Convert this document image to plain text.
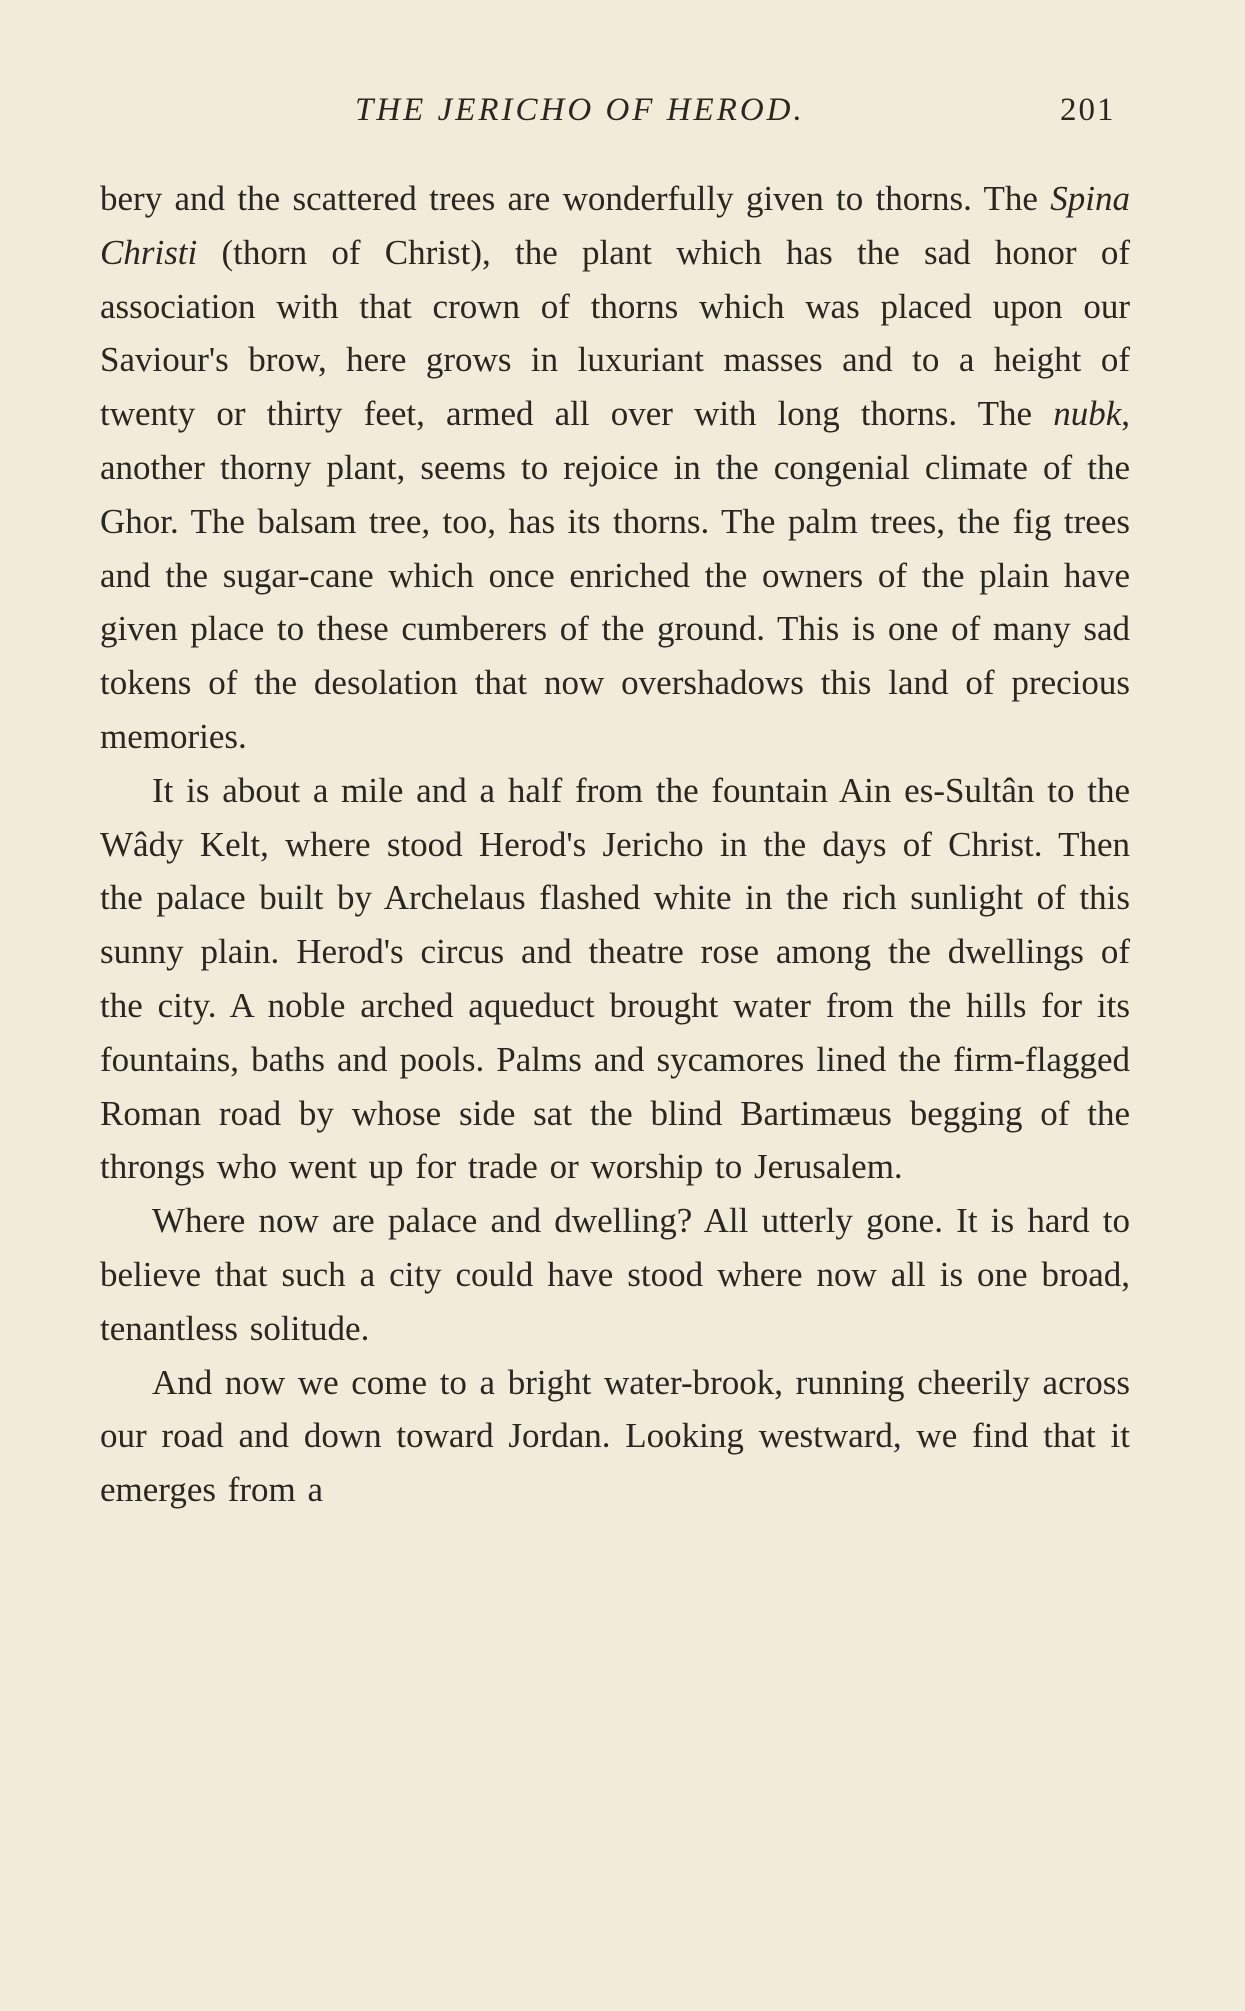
THE JERICHO OF HEROD.	201

bery and the scattered trees are wonderfully given to thorns. The Spina Christi (thorn of Christ), the plant which has the sad honor of association with that crown of thorns which was placed upon our Saviour's brow, here grows in luxuriant masses and to a height of twenty or thirty feet, armed all over with long thorns. The nubk, another thorny plant, seems to rejoice in the congenial climate of the Ghor. The balsam tree, too, has its thorns. The palm trees, the fig trees and the sugar-cane which once enriched the owners of the plain have given place to these cumberers of the ground. This is one of many sad tokens of the desolation that now overshadows this land of precious memories.

It is about a mile and a half from the fountain Ain es-Sultân to the Wâdy Kelt, where stood Herod's Jericho in the days of Christ. Then the palace built by Archelaus flashed white in the rich sunlight of this sunny plain. Herod's circus and theatre rose among the dwellings of the city. A noble arched aqueduct brought water from the hills for its fountains, baths and pools. Palms and sycamores lined the firm-flagged Roman road by whose side sat the blind Bartimæus begging of the throngs who went up for trade or worship to Jerusalem.

Where now are palace and dwelling? All utterly gone. It is hard to believe that such a city could have stood where now all is one broad, tenantless solitude.

And now we come to a bright water-brook, running cheerily across our road and down toward Jordan. Looking westward, we find that it emerges from a
